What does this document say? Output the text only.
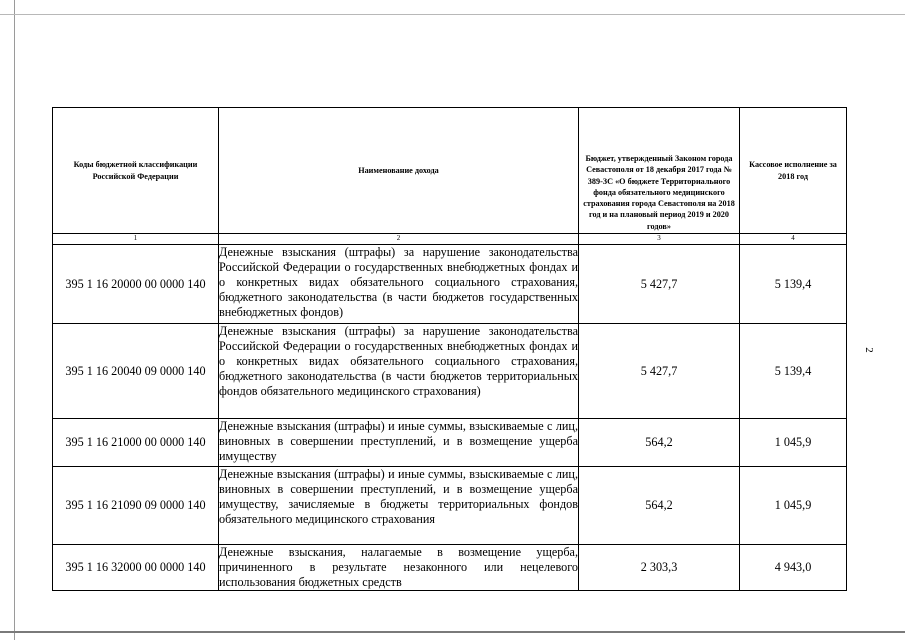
2
Коды бюджетной классификации Российской Федерации	Наименование дохода	Бюджет, утвержденный Законом города Севастополя от 18 декабря 2017 года № 389-ЗС «О бюджете Территориального фонда обязательного медицинского страхования города Севастополя на 2018 год и на плановый период 2019 и 2020 годов»	Кассовое исполнение за 2018 год
1	2	3	4
395 1 16 20000 00 0000 140	Денежные взыскания (штрафы) за нарушение законодательства Российской Федерации о государственных внебюджетных фондах и о конкретных видах обязательного социального страхования, бюджетного законодательства (в части бюджетов государственных внебюджетных фондов)	5 427,7	5 139,4
395 1 16 20040 09 0000 140	Денежные взыскания (штрафы) за нарушение законодательства Российской Федерации о государственных внебюджетных фондах и о конкретных видах обязательного социального страхования, бюджетного законодательства (в части бюджетов территориальных фондов обязательного медицинского страхования)	5 427,7	5 139,4
395 1 16 21000 00 0000 140	Денежные взыскания (штрафы) и иные суммы, взыскиваемые с лиц, виновных в совершении преступлений, и в возмещение ущерба имуществу	564,2	1 045,9
395 1 16 21090 09 0000 140	Денежные взыскания (штрафы) и иные суммы, взыскиваемые с лиц, виновных в совершении преступлений, и в возмещение ущерба имуществу, зачисляемые в бюджеты территориальных фондов обязательного медицинского страхования	564,2	1 045,9
395 1 16 32000 00 0000 140	Денежные взыскания, налагаемые в возмещение ущерба, причиненного в результате незаконного или нецелевого использования бюджетных средств	2 303,3	4 943,0
